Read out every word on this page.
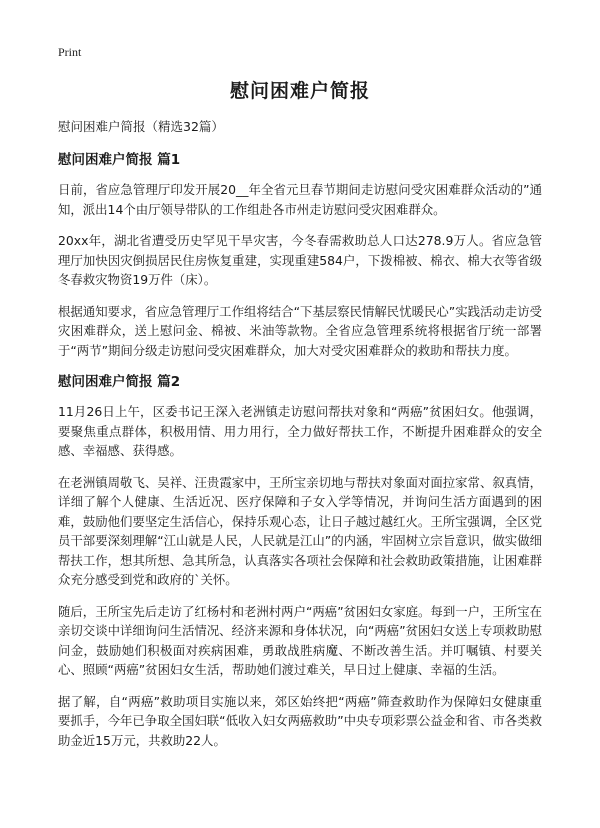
Print
慰问困难户简报

慰问困难户简报（精选32篇）

慰问困难户简报 篇1

日前，省应急管理厅印发开展20__年全省元旦春节期间走访慰问受灾困难群众活动的”通知，派出14个由厅领导带队的工作组赴各市州走访慰问受灾困难群众。

20xx年，湖北省遭受历史罕见干旱灾害，今冬春需救助总人口达278.9万人。省应急管理厅加快因灾倒损居民住房恢复重建，实现重建584户，下拨棉被、棉衣、棉大衣等省级冬春救灾物资19万件（床）。

根据通知要求，省应急管理厅工作组将结合“下基层察民情解民忧暖民心”实践活动走访受灾困难群众，送上慰问金、棉被、米油等款物。全省应急管理系统将根据省厅统一部署于“两节”期间分级走访慰问受灾困难群众，加大对受灾困难群众的救助和帮扶力度。

慰问困难户简报 篇2

11月26日上午，区委书记王深入老洲镇走访慰问帮扶对象和“两癌”贫困妇女。他强调，要聚焦重点群体，积极用情、用力用行，全力做好帮扶工作，不断提升困难群众的安全感、幸福感、获得感。

在老洲镇周敬飞、吴祥、汪贵霞家中，王所宝亲切地与帮扶对象面对面拉家常、叙真情，详细了解个人健康、生活近况、医疗保障和子女入学等情况，并询问生活方面遇到的困难，鼓励他们要坚定生活信心，保持乐观心态，让日子越过越红火。王所宝强调，全区党员干部要深刻理解“江山就是人民，人民就是江山”的内涵，牢固树立宗旨意识，做实做细帮扶工作，想其所想、急其所急，认真落实各项社会保障和社会救助政策措施，让困难群众充分感受到党和政府的`关怀。

随后，王所宝先后走访了红杨村和老洲村两户“两癌”贫困妇女家庭。每到一户，王所宝在亲切交谈中详细询问生活情况、经济来源和身体状况，向“两癌”贫困妇女送上专项救助慰问金，鼓励她们积极面对疾病困难，勇敢战胜病魔、不断改善生活。并叮嘱镇、村要关心、照顾“两癌”贫困妇女生活，帮助她们渡过难关，早日过上健康、幸福的生活。

据了解，自“两癌”救助项目实施以来，郊区始终把“两癌”筛查救助作为保障妇女健康重要抓手，今年已争取全国妇联“低收入妇女两癌救助”中央专项彩票公益金和省、市各类救助金近15万元，共救助22人。
